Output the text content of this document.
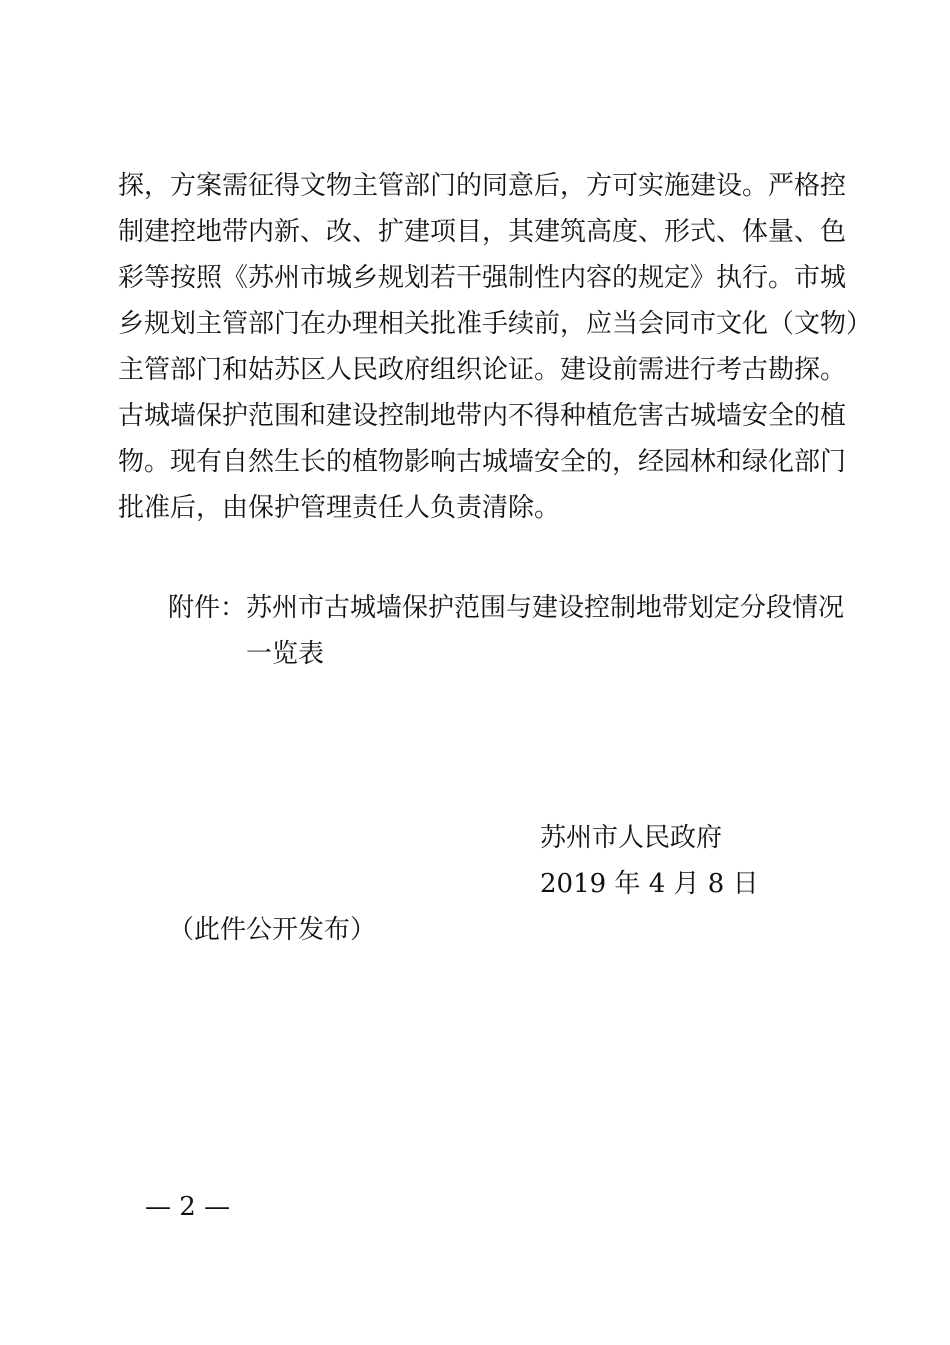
探，方案需征得文物主管部门的同意后，方可实施建设。严格控
制建控地带内新、改、扩建项目，其建筑高度、形式、体量、色
彩等按照《苏州市城乡规划若干强制性内容的规定》执行。市城
乡规划主管部门在办理相关批准手续前，应当会同市文化（文物）
主管部门和姑苏区人民政府组织论证。建设前需进行考古勘探。
古城墙保护范围和建设控制地带内不得种植危害古城墙安全的植
物。现有自然生长的植物影响古城墙安全的，经园林和绿化部门
批准后，由保护管理责任人负责清除。
附件：苏州市古城墙保护范围与建设控制地带划定分段情况
一览表
苏州市人民政府
2019 年 4 月 8 日
（此件公开发布）
— 2 —
